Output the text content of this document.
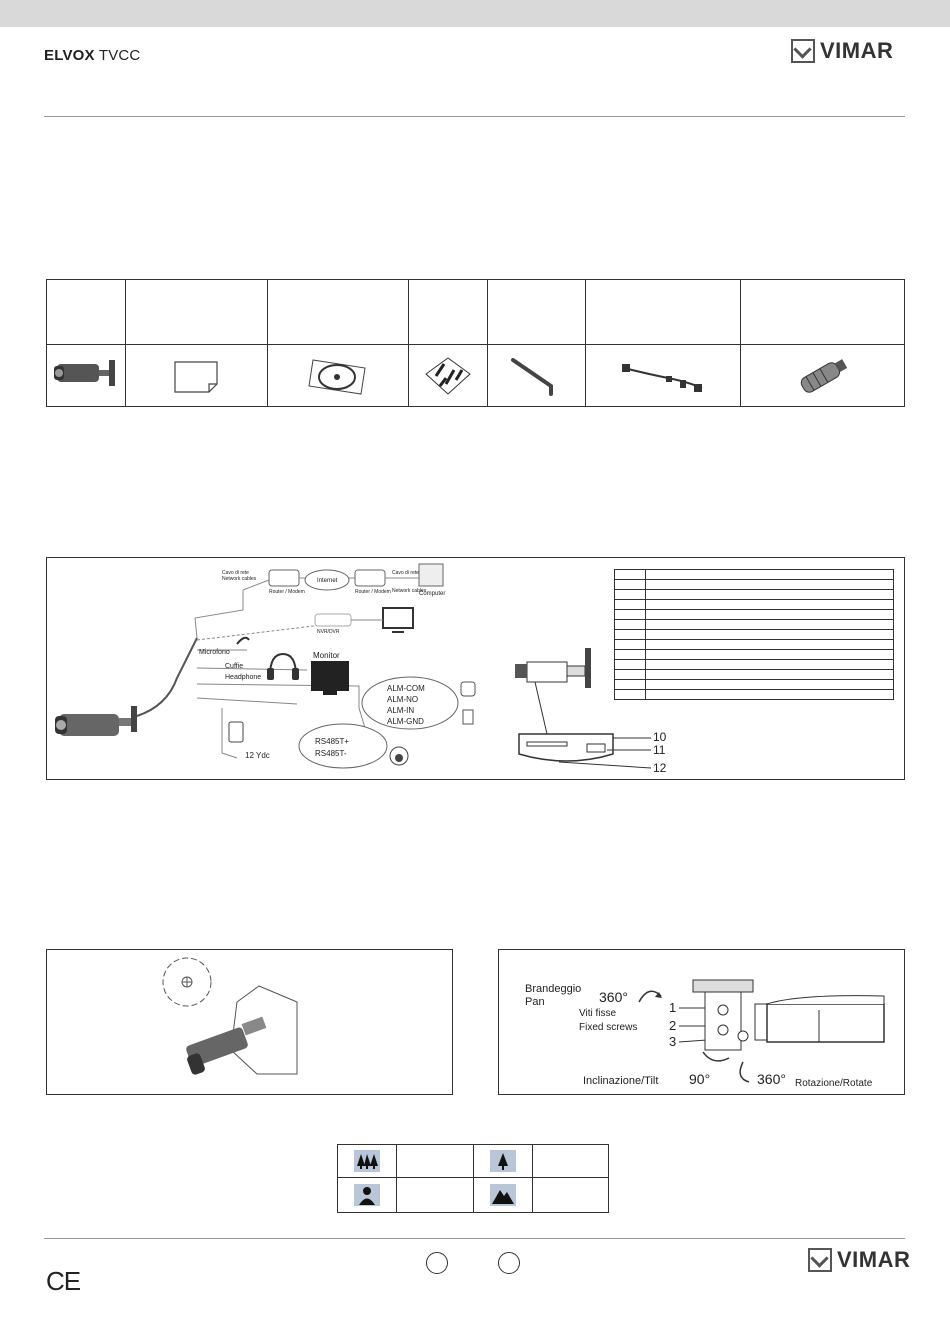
ELVOX TVCC	VIMAR
Cavo di rete
Network cables
Router / Modem
Internet
Router / Modem
Cavo di rete
Network cables
Computer
NVR/DVR
Microfono
Cuffie
Headphone
Monitor
ALM-COM
ALM-NO
ALM-IN
ALM-GND
RS485T+
RS485T-
12 Ydc
10
11
12

Brandeggio
Pan	360°
1
2
3
Viti fisse
Fixed screws
Inclinazione/Tilt 90°	360° Rotazione/Rotate

CE
VIMAR
